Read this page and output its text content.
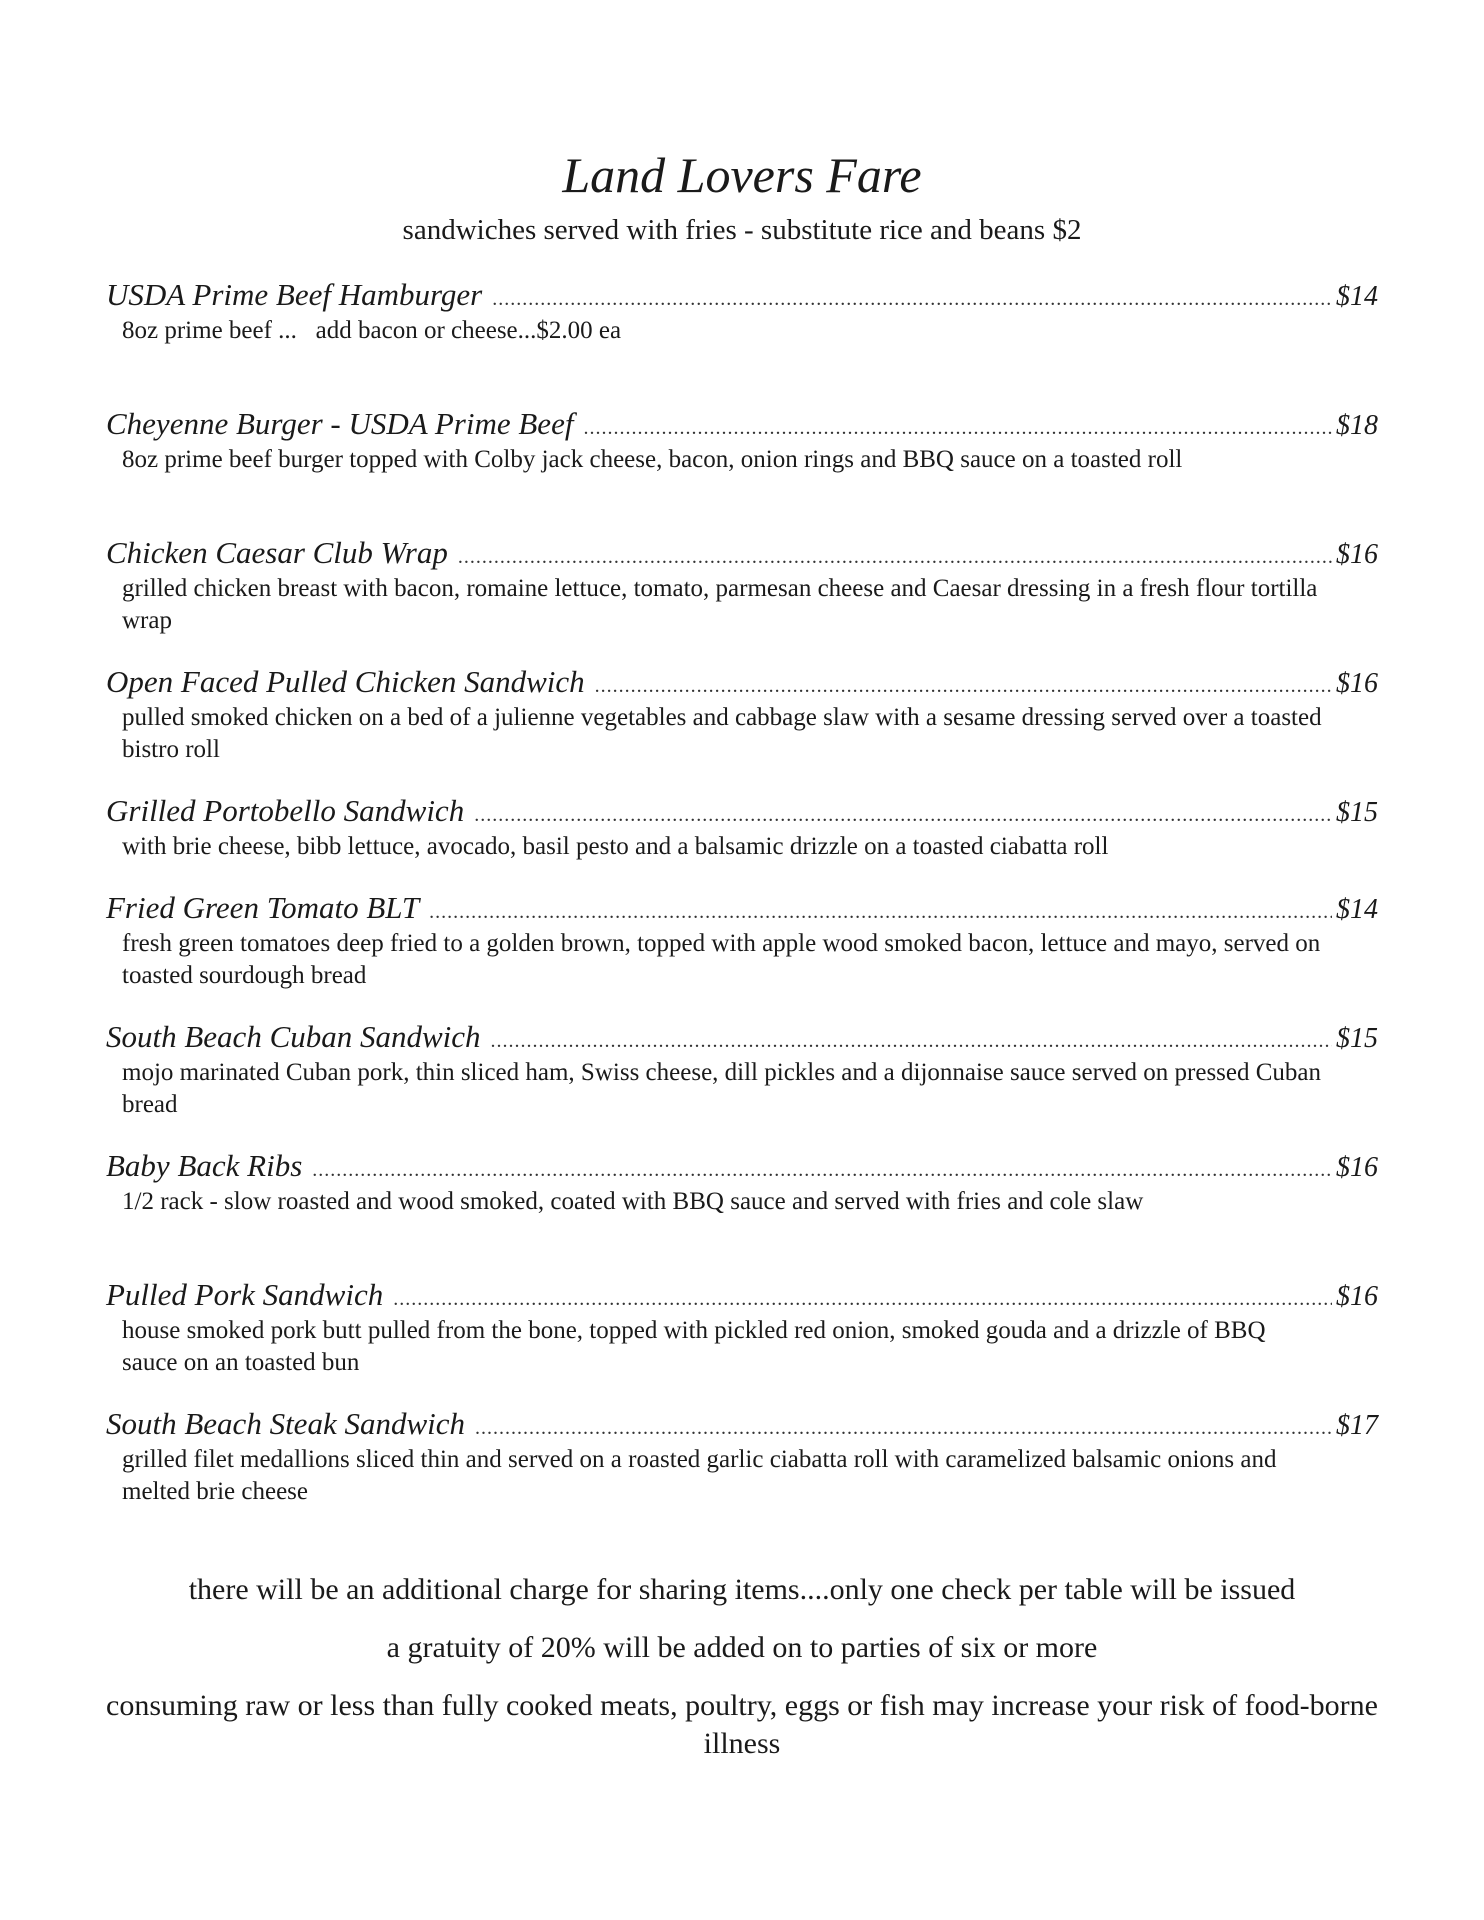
Land Lovers Fare
sandwiches served with fries - substitute rice and beans $2
USDA Prime Beef Hamburger .....	$14
8oz prime beef ...   add bacon or cheese...$2.00 ea
Cheyenne Burger - USDA Prime Beef .....	$18
8oz prime beef burger topped with Colby jack cheese, bacon, onion rings and BBQ sauce on a toasted roll
Chicken Caesar Club Wrap .....	$16
grilled chicken breast with bacon, romaine lettuce, tomato, parmesan cheese and Caesar dressing in a fresh flour tortilla wrap
Open Faced Pulled Chicken Sandwich .....	$16
pulled smoked chicken on a bed of a julienne vegetables and cabbage slaw with a sesame dressing served over a toasted bistro roll
Grilled Portobello Sandwich .....	$15
with brie cheese, bibb lettuce, avocado, basil pesto and a balsamic drizzle on a toasted ciabatta roll
Fried Green Tomato BLT .....	$14
fresh green tomatoes deep fried to a golden brown, topped with apple wood smoked bacon, lettuce and mayo, served on toasted sourdough bread
South Beach Cuban Sandwich .....	$15
mojo marinated Cuban pork, thin sliced ham, Swiss cheese, dill pickles and a dijonnaise sauce served on pressed Cuban bread
Baby Back Ribs .....	$16
1/2 rack - slow roasted and wood smoked, coated with BBQ sauce and served with fries and cole slaw
Pulled Pork Sandwich .....	$16
house smoked pork butt pulled from the bone, topped with pickled red onion, smoked gouda and a drizzle of BBQ sauce on an toasted bun
South Beach Steak Sandwich .....	$17
grilled filet medallions sliced thin and served on a roasted garlic ciabatta roll with caramelized balsamic onions and melted brie cheese

there will be an additional charge for sharing items....only one check per table will be issued

a gratuity of 20% will be added on to parties of six or more

consuming raw or less than fully cooked meats, poultry, eggs or fish may increase your risk of food-borne illness
